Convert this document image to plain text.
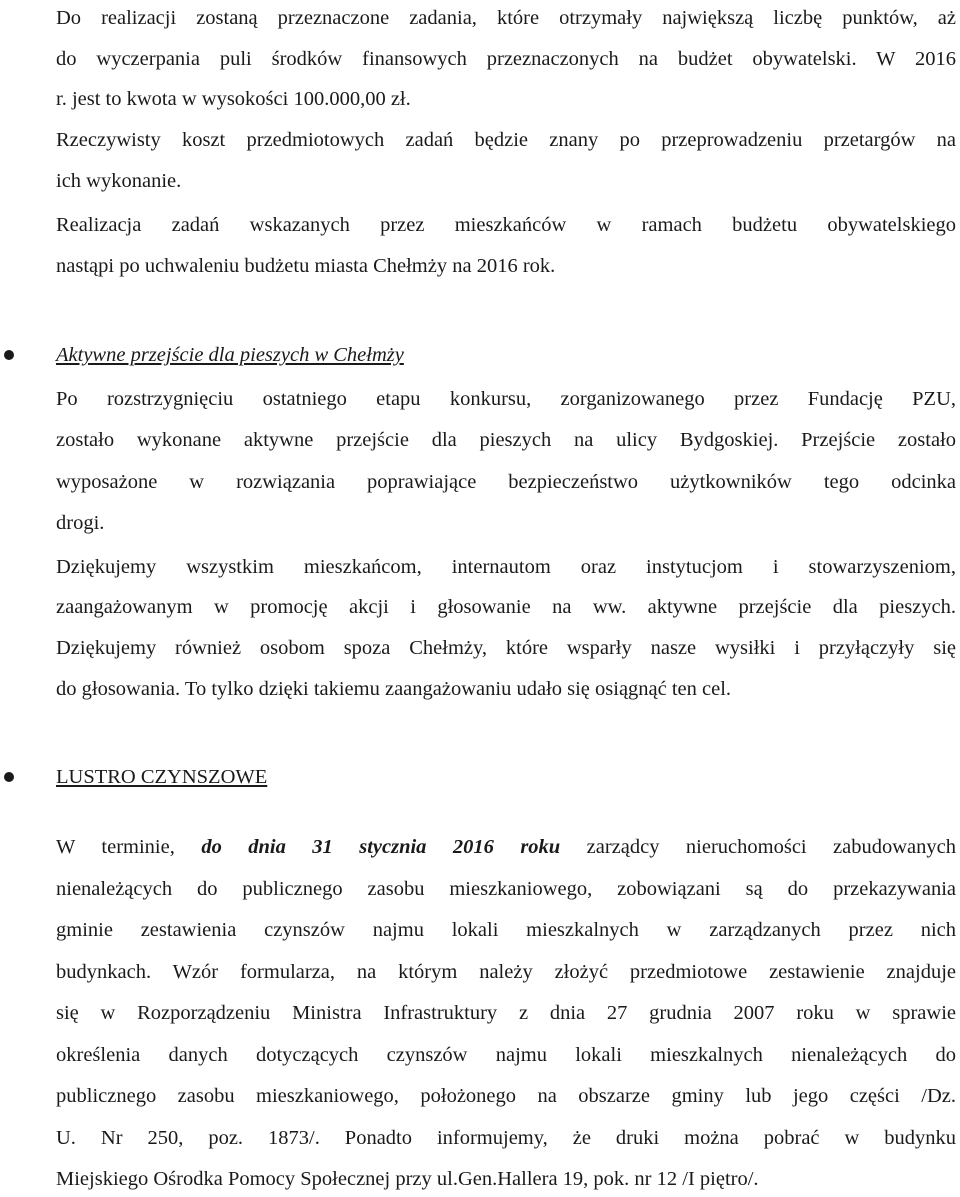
Do realizacji zostaną przeznaczone zadania, które otrzymały największą liczbę punktów, aż
do wyczerpania puli środków finansowych przeznaczonych na budżet obywatelski. W 2016
r. jest to kwota w wysokości 100.000,00 zł.
Rzeczywisty koszt przedmiotowych zadań będzie znany po przeprowadzeniu przetargów na
ich wykonanie.
Realizacja zadań wskazanych przez mieszkańców w ramach budżetu obywatelskiego
nastąpi po uchwaleniu budżetu miasta Chełmży na 2016 rok.
Aktywne przejście dla pieszych w Chełmży
Po rozstrzygnięciu ostatniego etapu konkursu, zorganizowanego przez Fundację PZU,
zostało wykonane aktywne przejście dla pieszych na ulicy Bydgoskiej. Przejście zostało
wyposażone w rozwiązania poprawiające bezpieczeństwo użytkowników tego odcinka
drogi.
Dziękujemy wszystkim mieszkańcom, internautom oraz instytucjom i stowarzyszeniom,
zaangażowanym w promocję akcji i głosowanie na ww. aktywne przejście dla pieszych.
Dziękujemy również osobom spoza Chełmży, które wsparły nasze wysiłki i przyłączyły się
do głosowania. To tylko dzięki takiemu zaangażowaniu udało się osiągnąć ten cel.
LUSTRO CZYNSZOWE
W terminie, do dnia 31 stycznia 2016 roku zarządcy nieruchomości zabudowanych
nienależących do publicznego zasobu mieszkaniowego, zobowiązani są do przekazywania
gminie zestawienia czynszów najmu lokali mieszkalnych w zarządzanych przez nich
budynkach. Wzór formularza, na którym należy złożyć przedmiotowe zestawienie znajduje
się w Rozporządzeniu Ministra Infrastruktury z dnia 27 grudnia 2007 roku w sprawie
określenia danych dotyczących czynszów najmu lokali mieszkalnych nienależących do
publicznego zasobu mieszkaniowego, położonego na obszarze gminy lub jego części /Dz.
U. Nr 250, poz. 1873/. Ponadto informujemy, że druki można pobrać w budynku
Miejskiego Ośrodka Pomocy Społecznej przy ul.Gen.Hallera 19, pok. nr 12 /I piętro/.
